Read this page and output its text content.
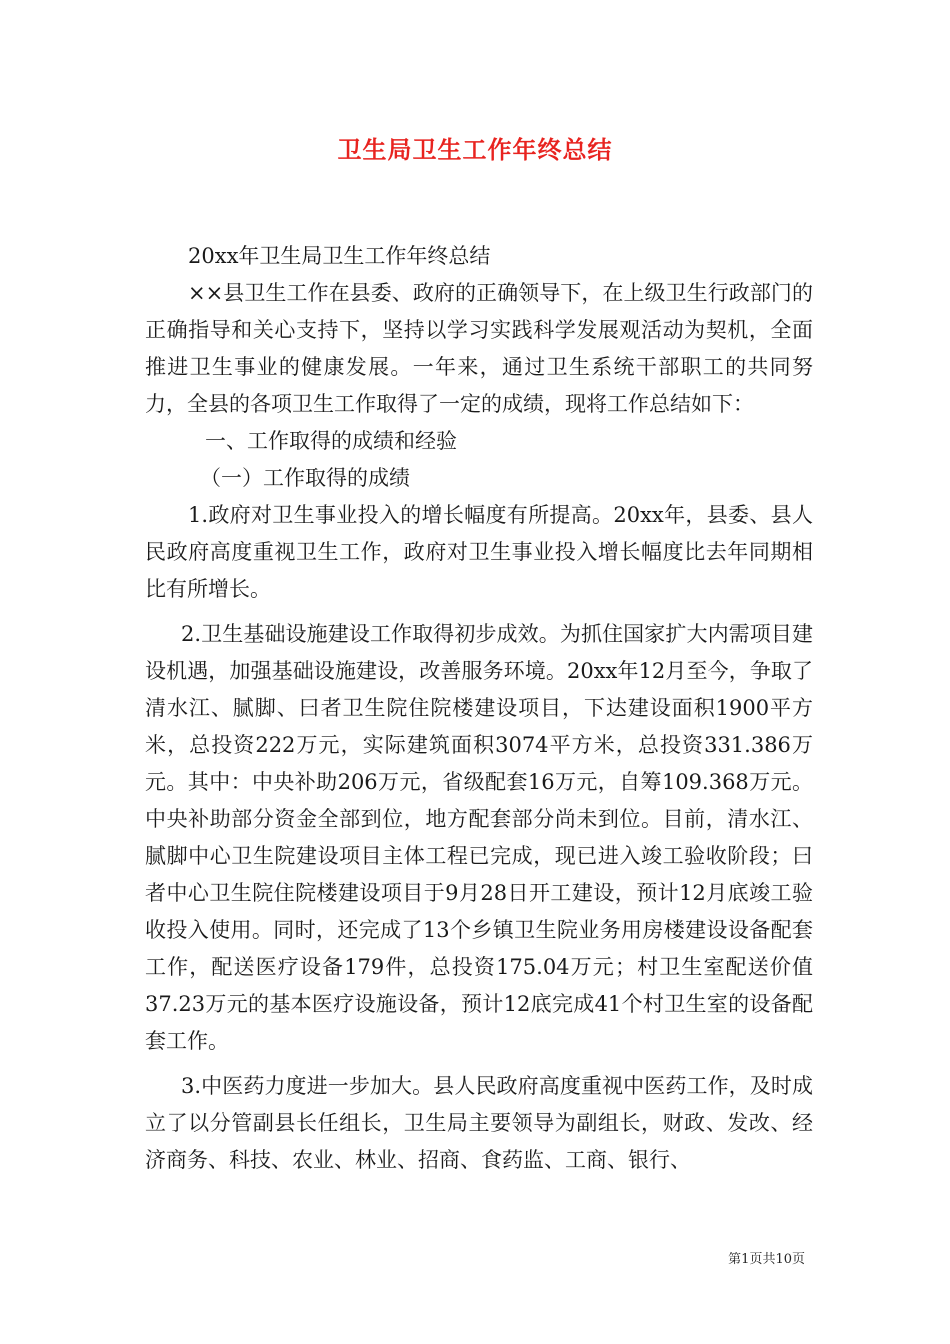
卫生局卫生工作年终总结

20xx年卫生局卫生工作年终总结

××县卫生工作在县委、政府的正确领导下，在上级卫生行政部门的正确指导和关心支持下，坚持以学习实践科学发展观活动为契机，全面推进卫生事业的健康发展。一年来，通过卫生系统干部职工的共同努力，全县的各项卫生工作取得了一定的成绩，现将工作总结如下：

一、工作取得的成绩和经验

（一）工作取得的成绩

1.政府对卫生事业投入的增长幅度有所提高。20xx年，县委、县人民政府高度重视卫生工作，政府对卫生事业投入增长幅度比去年同期相比有所增长。

2.卫生基础设施建设工作取得初步成效。为抓住国家扩大内需项目建设机遇，加强基础设施建设，改善服务环境。20xx年12月至今，争取了清水江、腻脚、曰者卫生院住院楼建设项目，下达建设面积1900平方米，总投资222万元，实际建筑面积3074平方米，总投资331.386万元。其中：中央补助206万元，省级配套16万元，自筹109.368万元。中央补助部分资金全部到位，地方配套部分尚未到位。目前，清水江、腻脚中心卫生院建设项目主体工程已完成，现已进入竣工验收阶段；曰者中心卫生院住院楼建设项目于9月28日开工建设，预计12月底竣工验收投入使用。同时，还完成了13个乡镇卫生院业务用房楼建设设备配套工作，配送医疗设备179件，总投资175.04万元；村卫生室配送价值37.23万元的基本医疗设施设备，预计12底完成41个村卫生室的设备配套工作。

3.中医药力度进一步加大。县人民政府高度重视中医药工作，及时成立了以分管副县长任组长，卫生局主要领导为副组长，财政、发改、经济商务、科技、农业、林业、招商、食药监、工商、银行、

第1页共10页
